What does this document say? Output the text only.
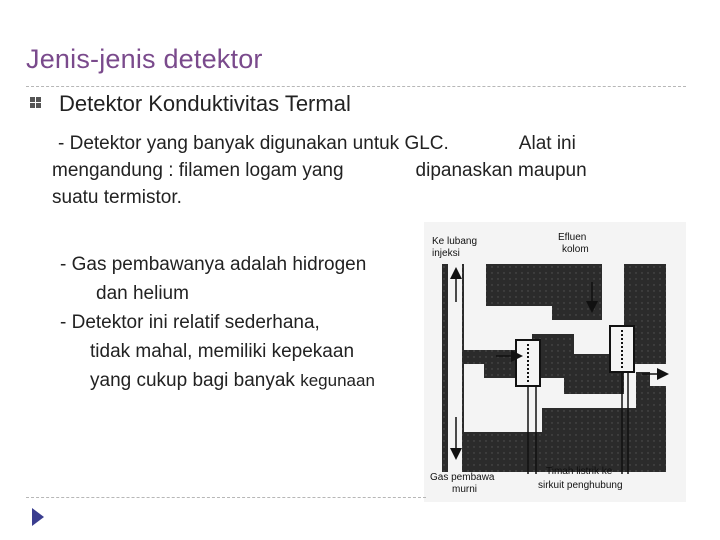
Jenis-jenis detektor
Detektor Konduktivitas Termal
- Detektor yang banyak digunakan untuk GLC.	Alat ini
mengandung : filamen logam yang	dipanaskan maupun
suatu termistor.
- Gas pembawanya adalah hidrogen
dan helium
- Detektor ini relatif sederhana,
tidak mahal, memiliki kepekaan
yang cukup bagi banyak kegunaan
Ke lubang
injeksi
Efluen
kolom
Gas pembawa
murni
Timah listrik ke
sirkuit penghubung
